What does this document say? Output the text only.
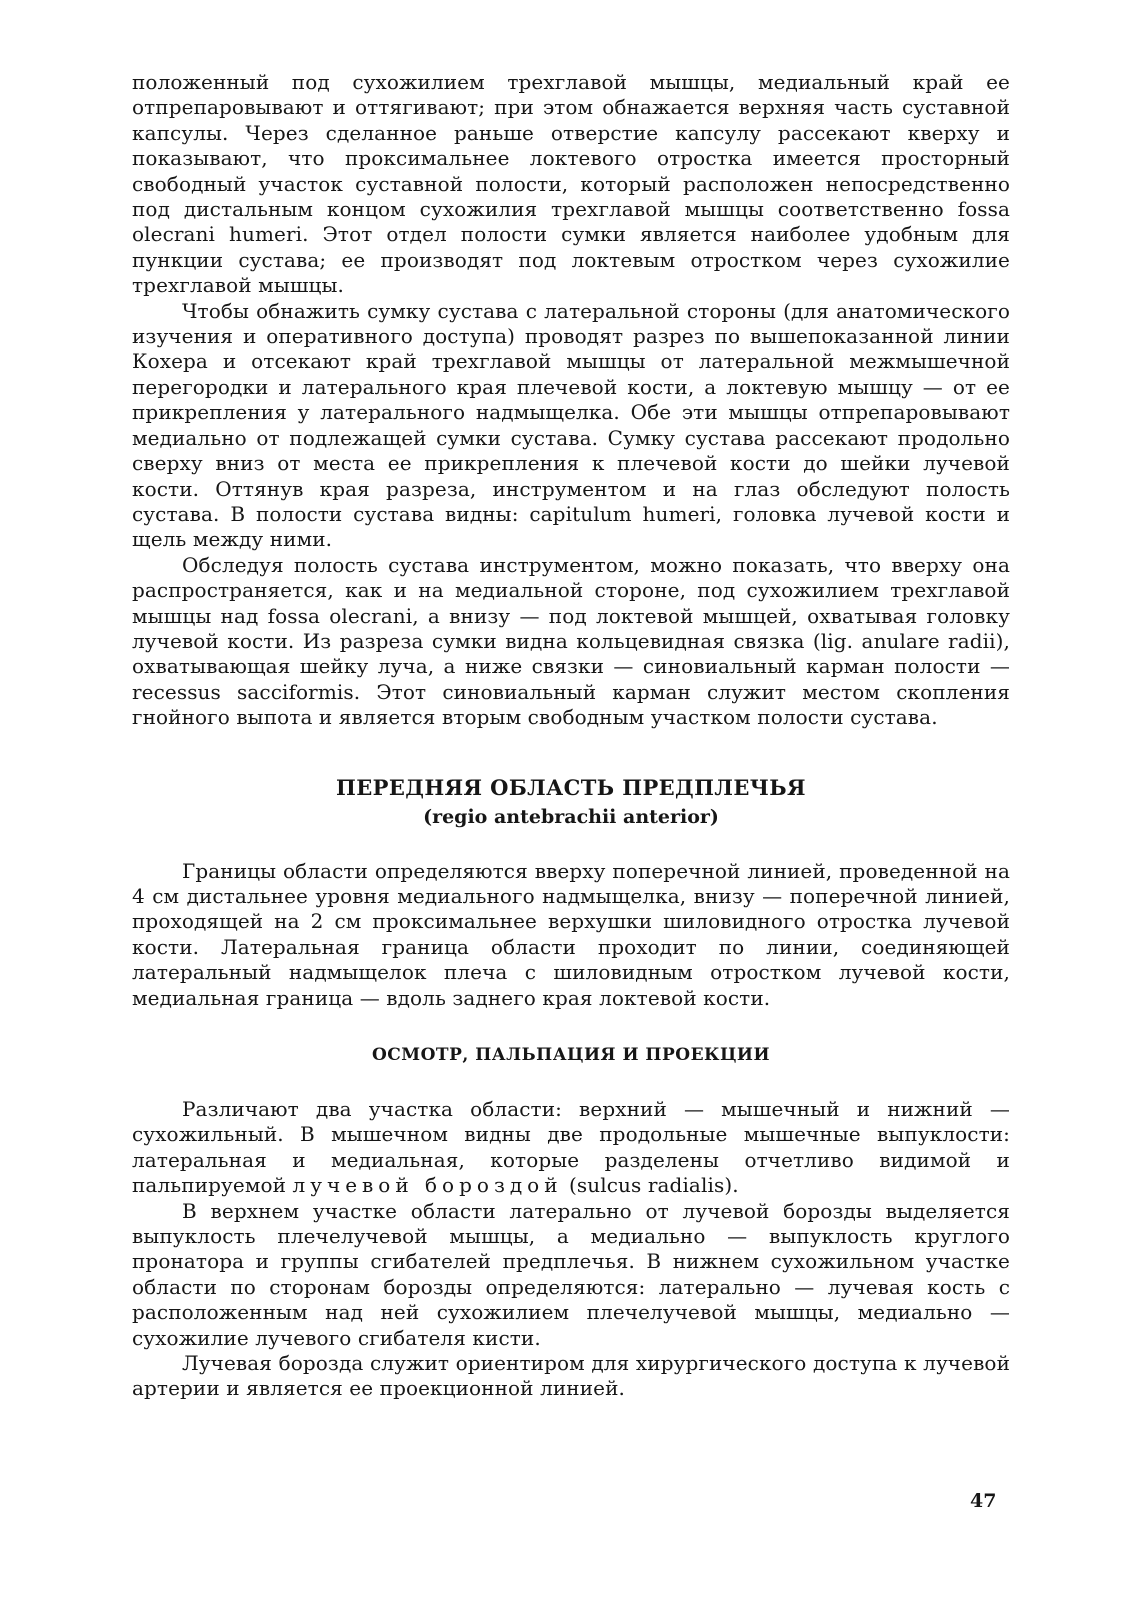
положенный под сухожилием трехглавой мышцы, медиальный край ее отпрепаровывают и оттягивают; при этом обнажается верхняя часть суставной капсулы. Через сделанное раньше отверстие капсулу рассекают кверху и показывают, что проксимальнее локтевого отростка имеется просторный свободный участок суставной полости, который расположен непосредственно под дистальным концом сухожилия трехглавой мышцы соответственно fossa olecrani humeri. Этот отдел полости сумки является наиболее удобным для пункции сустава; ее производят под локтевым отростком через сухожилие трехглавой мышцы.

Чтобы обнажить сумку сустава с латеральной стороны (для анатомического изучения и оперативного доступа) проводят разрез по вышепоказанной линии Кохера и отсекают край трехглавой мышцы от латеральной межмышечной перегородки и латерального края плечевой кости, а локтевую мышцу — от ее прикрепления у латерального надмыщелка. Обе эти мышцы отпрепаровывают медиально от подлежащей сумки сустава. Сумку сустава рассекают продольно сверху вниз от места ее прикрепления к плечевой кости до шейки лучевой кости. Оттянув края разреза, инструментом и на глаз обследуют полость сустава. В полости сустава видны: capitulum humeri, головка лучевой кости и щель между ними.

Обследуя полость сустава инструментом, можно показать, что вверху она распространяется, как и на медиальной стороне, под сухожилием трехглавой мышцы над fossa olecrani, а внизу — под локтевой мышцей, охватывая головку лучевой кости. Из разреза сумки видна кольцевидная связка (lig. anulare radii), охватывающая шейку луча, а ниже связки — синовиальный карман полости — recessus sacciformis. Этот синовиальный карман служит местом скопления гнойного выпота и является вторым свободным участком полости сустава.

ПЕРЕДНЯЯ ОБЛАСТЬ ПРЕДПЛЕЧЬЯ
(regio antebrachii anterior)

Границы области определяются вверху поперечной линией, проведенной на 4 см дистальнее уровня медиального надмыщелка, внизу — поперечной линией, проходящей на 2 см проксимальнее верхушки шиловидного отростка лучевой кости. Латеральная граница области проходит по линии, соединяющей латеральный надмыщелок плеча с шиловидным отростком лучевой кости, медиальная граница — вдоль заднего края локтевой кости.

ОСМОТР, ПАЛЬПАЦИЯ И ПРОЕКЦИИ

Различают два участка области: верхний — мышечный и нижний — сухожильный. В мышечном видны две продольные мышечные выпуклости: латеральная и медиальная, которые разделены отчетливо видимой и пальпируемой лучевой бороздой (sulcus radialis).

В верхнем участке области латерально от лучевой борозды выделяется выпуклость плечелучевой мышцы, а медиально — выпуклость круглого пронатора и группы сгибателей предплечья. В нижнем сухожильном участке области по сторонам борозды определяются: латерально — лучевая кость с расположенным над ней сухожилием плечелучевой мышцы, медиально — сухожилие лучевого сгибателя кисти.

Лучевая борозда служит ориентиром для хирургического доступа к лучевой артерии и является ее проекционной линией.

47
